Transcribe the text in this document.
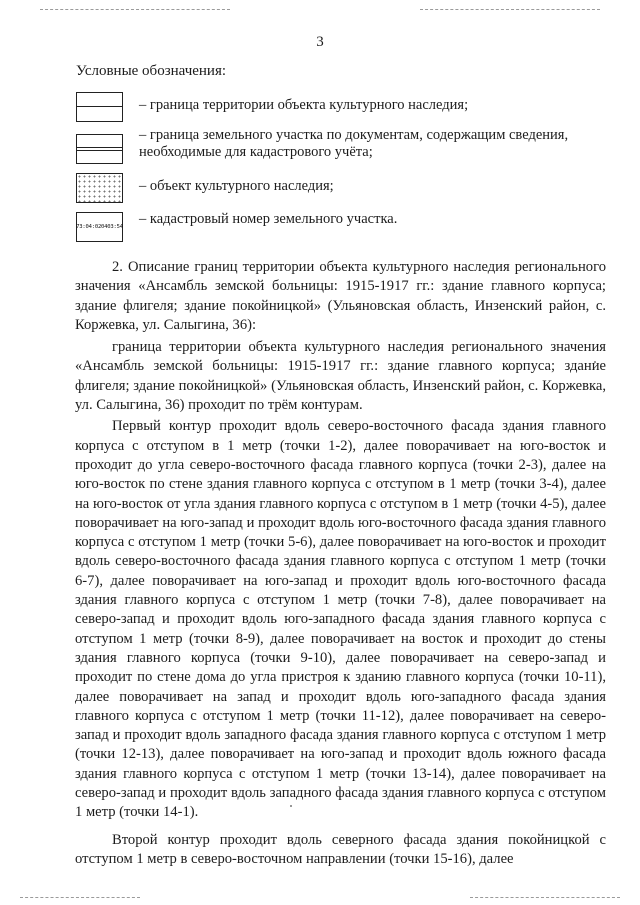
3
Условные обозначения:
– граница территории объекта культурного наследия;
– граница земельного участка по документам, содержащим сведения, необходимые для кадастрового учёта;
– объект культурного наследия;
73:04:020403:54 – кадастровый номер земельного участка.

2. Описание границ территории объекта культурного наследия регионального значения «Ансамбль земской больницы: 1915-1917 гг.: здание главного корпуса; здание флигеля; здание покойницкой» (Ульяновская область, Инзенский район, с. Коржевка, ул. Салыгина, 36):

граница территории объекта культурного наследия регионального значения «Ансамбль земской больницы: 1915-1917 гг.: здание главного корпуса; здание флигеля; здание покойницкой» (Ульяновская область, Инзенский район, с. Коржевка, ул. Салыгина, 36) проходит по трём контурам.

Первый контур проходит вдоль северо-восточного фасада здания главного корпуса с отступом в 1 метр (точки 1-2), далее поворачивает на юго-восток и проходит до угла северо-восточного фасада главного корпуса (точки 2-3), далее на юго-восток по стене здания главного корпуса с отступом в 1 метр (точки 3-4), далее на юго-восток от угла здания главного корпуса с отступом в 1 метр (точки 4-5), далее поворачивает на юго-запад и проходит вдоль юго-восточного фасада здания главного корпуса с отступом 1 метр (точки 5-6), далее поворачивает на юго-восток и проходит вдоль северо-восточного фасада здания главного корпуса с отступом 1 метр (точки 6-7), далее поворачивает на юго-запад и проходит вдоль юго-восточного фасада здания главного корпуса с отступом 1 метр (точки 7-8), далее поворачивает на северо-запад и проходит вдоль юго-западного фасада здания главного корпуса с отступом 1 метр (точки 8-9), далее поворачивает на восток и проходит до стены здания главного корпуса (точки 9-10), далее поворачивает на северо-запад и проходит по стене дома до угла пристроя к зданию главного корпуса (точки 10-11), далее поворачивает на запад и проходит вдоль юго-западного фасада здания главного корпуса с отступом 1 метр (точки 11-12), далее поворачивает на северо-запад и проходит вдоль западного фасада здания главного корпуса с отступом 1 метр (точки 12-13), далее поворачивает на юго-запад и проходит вдоль южного фасада здания главного корпуса с отступом 1 метр (точки 13-14), далее поворачивает на северо-запад и проходит вдоль западного фасада здания главного корпуса с отступом 1 метр (точки 14-1).

Второй контур проходит вдоль северного фасада здания покойницкой с отступом 1 метр в северо-восточном направлении (точки 15-16), далее
